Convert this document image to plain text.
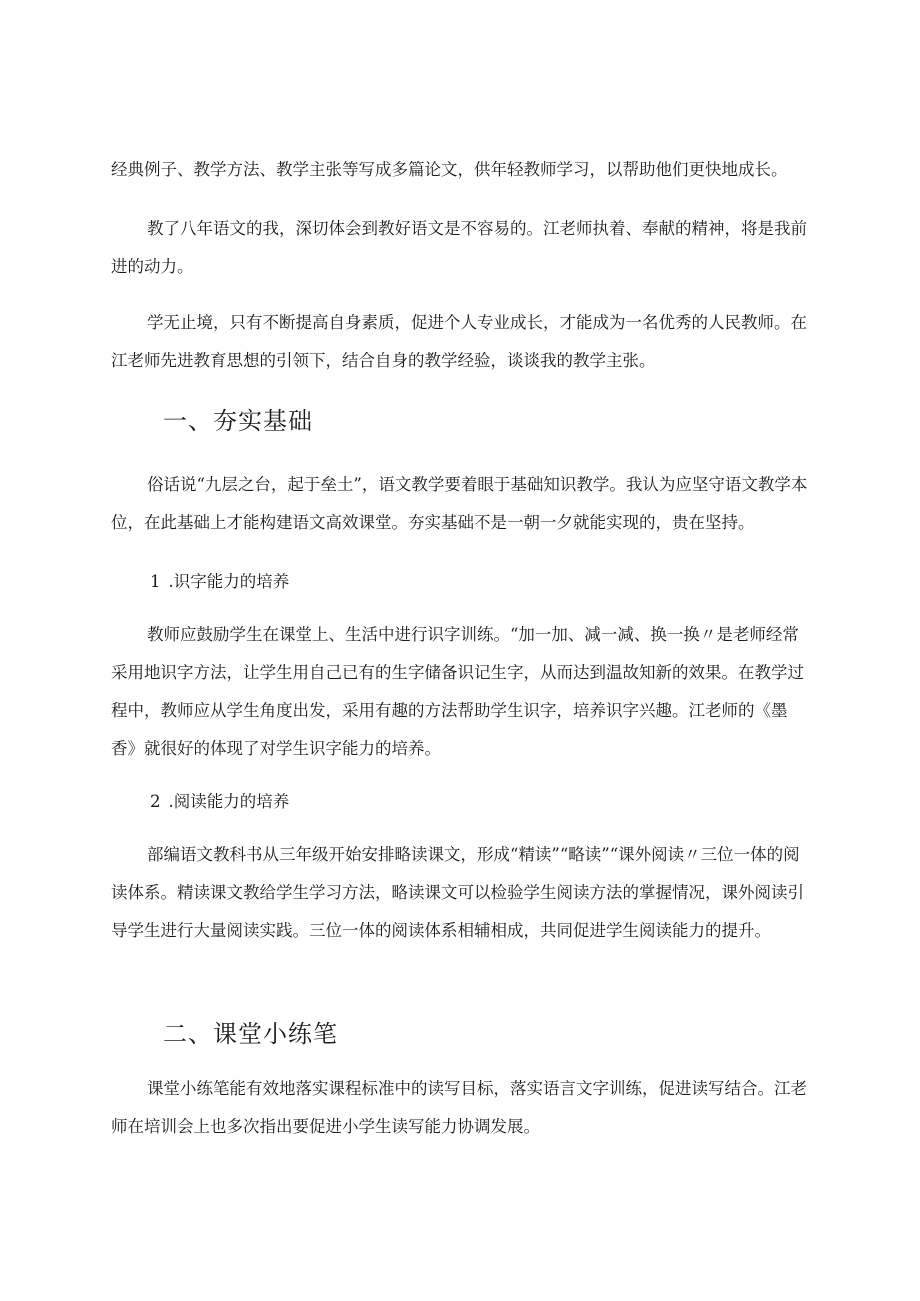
经典例子、教学方法、教学主张等写成多篇论文，供年轻教师学习，以帮助他们更快地成长。

教了八年语文的我，深切体会到教好语文是不容易的。江老师执着、奉献的精神，将是我前进的动力。

学无止境，只有不断提高自身素质，促进个人专业成长，才能成为一名优秀的人民教师。在江老师先进教育思想的引领下，结合自身的教学经验，谈谈我的教学主张。

一、夯实基础

俗话说“九层之台，起于垒土”，语文教学要着眼于基础知识教学。我认为应坚守语文教学本位，在此基础上才能构建语文高效课堂。夯实基础不是一朝一夕就能实现的，贵在坚持。

1 .识字能力的培养

教师应鼓励学生在课堂上、生活中进行识字训练。“加一加、减一减、换一换〃是老师经常采用地识字方法，让学生用自己已有的生字储备识记生字，从而达到温故知新的效果。在教学过程中，教师应从学生角度出发，采用有趣的方法帮助学生识字，培养识字兴趣。江老师的《墨香》就很好的体现了对学生识字能力的培养。

2 .阅读能力的培养

部编语文教科书从三年级开始安排略读课文，形成“精读”“略读”“课外阅读〃三位一体的阅读体系。精读课文教给学生学习方法，略读课文可以检验学生阅读方法的掌握情况，课外阅读引导学生进行大量阅读实践。三位一体的阅读体系相辅相成，共同促进学生阅读能力的提升。

二、课堂小练笔

课堂小练笔能有效地落实课程标准中的读写目标，落实语言文字训练，促进读写结合。江老师在培训会上也多次指出要促进小学生读写能力协调发展。
